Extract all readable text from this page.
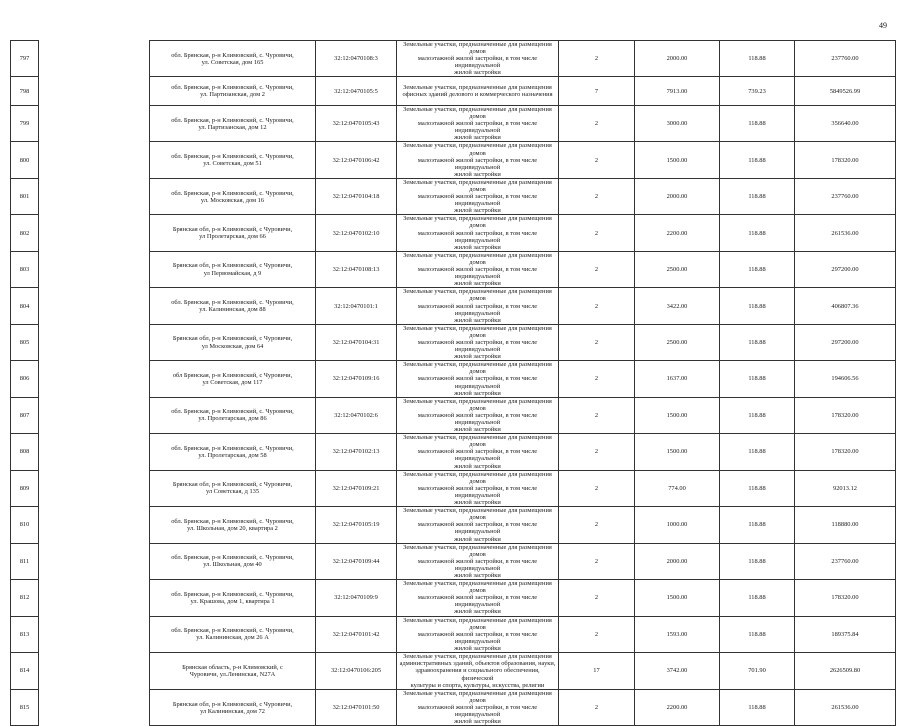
49
797		обл. Брянская, р-н Климовский, с. Чуровичи,
ул. Советская, дом 165	32:12:0470108:3	Земельные участки, предназначенные для размещения домов
малоэтажной жилой застройки, в том числе индивидуальной
жилой застройки	2	2000.00	118.88	237760.00
798		обл. Брянская, р-н Климовский, с. Чуровичи,
ул. Партизанская, дом 2	32:12:0470105:5	Земельные участки, предназначенные для размещения
офисных зданий делового и коммерческого назначения	7	7913.00	739.23	5849526.99
799		обл. Брянская, р-н Климовский, с. Чуровичи,
ул. Партизанская, дом 12	32:12:0470105:43	Земельные участки, предназначенные для размещения домов
малоэтажной жилой застройки, в том числе индивидуальной
жилой застройки	2	3000.00	118.88	356640.00
800		обл. Брянская, р-н Климовский, с. Чуровичи,
ул. Советская, дом 51	32:12:0470106:42	Земельные участки, предназначенные для размещения домов
малоэтажной жилой застройки, в том числе индивидуальной
жилой застройки	2	1500.00	118.88	178320.00
801		обл. Брянская, р-н Климовский, с. Чуровичи,
ул. Московская, дом 16	32:12:0470104:18	Земельные участки, предназначенные для размещения домов
малоэтажной жилой застройки, в том числе индивидуальной
жилой застройки	2	2000.00	118.88	237760.00
802		Брянская обл, р-н Климовский, с Чуровичи,
ул Пролетарская, дом 66	32:12:0470102:10	Земельные участки, предназначенные для размещения домов
малоэтажной жилой застройки, в том числе индивидуальной
жилой застройки	2	2200.00	118.88	261536.00
803		Брянская обл, р-н Климовский, с Чуровичи,
ул Первомайская, д 9	32:12:0470108:13	Земельные участки, предназначенные для размещения домов
малоэтажной жилой застройки, в том числе индивидуальной
жилой застройки	2	2500.00	118.88	297200.00
804		обл. Брянская, р-н Климовский, с. Чуровичи,
ул. Калининская, дом 88	32:12:0470101:1	Земельные участки, предназначенные для размещения домов
малоэтажной жилой застройки, в том числе индивидуальной
жилой застройки	2	3422.00	118.88	406807.36
805		Брянская обл, р-н Климовский, с Чуровичи,
ул Московская, дом 64	32:12:0470104:31	Земельные участки, предназначенные для размещения домов
малоэтажной жилой застройки, в том числе индивидуальной
жилой застройки	2	2500.00	118.88	297200.00
806		обл Брянская, р-н Климовский, с Чуровичи,
ул Советская, дом 117	32:12:0470109:16	Земельные участки, предназначенные для размещения домов
малоэтажной жилой застройки, в том числе индивидуальной
жилой застройки	2	1637.00	118.88	194606.56
807		обл. Брянская, р-н Климовский, с. Чуровичи,
ул. Пролетарская, дом 86	32:12:0470102:6	Земельные участки, предназначенные для размещения домов
малоэтажной жилой застройки, в том числе индивидуальной
жилой застройки	2	1500.00	118.88	178320.00
808		обл. Брянская, р-н Климовский, с. Чуровичи,
ул. Пролетарская, дом 58	32:12:0470102:13	Земельные участки, предназначенные для размещения домов
малоэтажной жилой застройки, в том числе индивидуальной
жилой застройки	2	1500.00	118.88	178320.00
809		Брянская обл, р-н Климовский, с Чуровичи,
ул Советская, д 135	32:12:0470109:21	Земельные участки, предназначенные для размещения домов
малоэтажной жилой застройки, в том числе индивидуальной
жилой застройки	2	774.00	118.88	92013.12
810		обл. Брянская, р-н Климовский, с. Чуровичи,
ул. Школьная, дом 20, квартира 2	32:12:0470105:19	Земельные участки, предназначенные для размещения домов
малоэтажной жилой застройки, в том числе индивидуальной
жилой застройки	2	1000.00	118.88	118880.00
811		обл. Брянская, р-н Климовский, с. Чуровичи,
ул. Школьная, дом 40	32:12:0470109:44	Земельные участки, предназначенные для размещения домов
малоэтажной жилой застройки, в том числе индивидуальной
жилой застройки	2	2000.00	118.88	237760.00
812		обл. Брянская, р-н Климовский, с. Чуровичи,
ул. Крашова, дом 1, квартира 1	32:12:0470109:9	Земельные участки, предназначенные для размещения домов
малоэтажной жилой застройки, в том числе индивидуальной
жилой застройки	2	1500.00	118.88	178320.00
813		обл. Брянская, р-н Климовский, с. Чуровичи,
ул. Калининская, дом 26 А	32:12:0470101:42	Земельные участки, предназначенные для размещения домов
малоэтажной жилой застройки, в том числе индивидуальной
жилой застройки	2	1593.00	118.88	189375.84
814		Брянская область, р-н Климовский, с
Чуровичи, ул.Ленинская, N27А	32:12:0470106:205	Земельные участки, предназначенные для размещения
административных зданий, объектов образования, науки,
здравоохранения и социального обеспечения, физической
культуры и спорта, культуры, искусства, религии	17	3742.00	701.90	2626509.80
815		Брянская обл, р-н Климовский, с Чуровичи,
ул Калининская, дом 72	32:12:0470101:50	Земельные участки, предназначенные для размещения домов
малоэтажной жилой застройки, в том числе индивидуальной
жилой застройки	2	2200.00	118.88	261536.00
